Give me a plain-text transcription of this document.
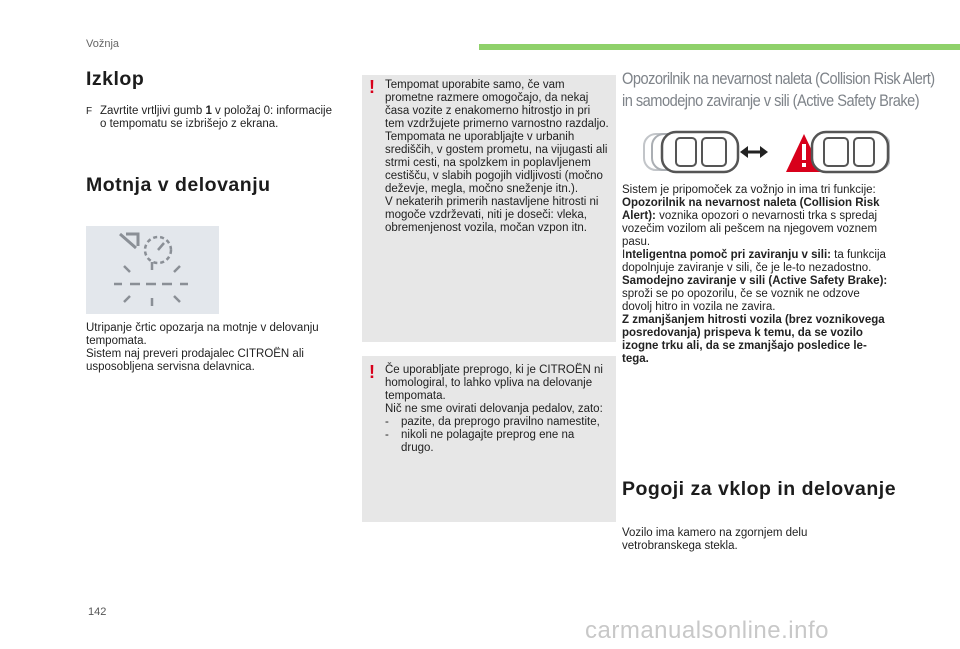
Vožnja
Izklop
F Zavrtite vrtljivi gumb 1 v položaj 0: informacije o tempomatu se izbrišejo z ekrana.
Motnja v delovanju
Utripanje črtic opozarja na motnje v delovanju tempomata.
Sistem naj preveri prodajalec CITROËN ali usposobljena servisna delavnica.
! Tempomat uporabite samo, če vam prometne razmere omogočajo, da nekaj časa vozite z enakomerno hitrostjo in pri tem vzdržujete primerno varnostno razdaljo.
Tempomata ne uporabljajte v urbanih središčih, v gostem prometu, na vijugasti ali strmi cesti, na spolzkem in poplavljenem cestišču, v slabih pogojih vidljivosti (močno deževje, megla, močno sneženje itn.).
V nekaterih primerih nastavljene hitrosti ni mogoče vzdrževati, niti je doseči: vleka, obremenjenost vozila, močan vzpon itn.
! Če uporabljate preprogo, ki je CITROËN ni homologiral, to lahko vpliva na delovanje tempomata.
Nič ne sme ovirati delovanja pedalov, zato:
-	pazite, da preprogo pravilno namestite,
-	nikoli ne polagajte preprog ene na drugo.
Opozorilnik na nevarnost naleta (Collision Risk Alert)
in samodejno zaviranje v sili (Active Safety Brake)
Sistem je pripomoček za vožnjo in ima tri funkcije:
Opozorilnik na nevarnost naleta (Collision Risk Alert): voznika opozori o nevarnosti trka s spredaj vozečim vozilom ali pešcem na njegovem voznem pasu.
Inteligentna pomoč pri zaviranju v sili: ta funkcija dopolnjuje zaviranje v sili, če je le-to nezadostno.
Samodejno zaviranje v sili (Active Safety Brake): sproži se po opozorilu, če se voznik ne odzove dovolj hitro in vozila ne zavira.
Z zmanjšanjem hitrosti vozila (brez voznikovega posredovanja) prispeva k temu, da se vozilo izogne trku ali, da se zmanjšajo posledice le-tega.
Pogoji za vklop in delovanje
Vozilo ima kamero na zgornjem delu vetrobranskega stekla.
142
carmanualsonline.info
